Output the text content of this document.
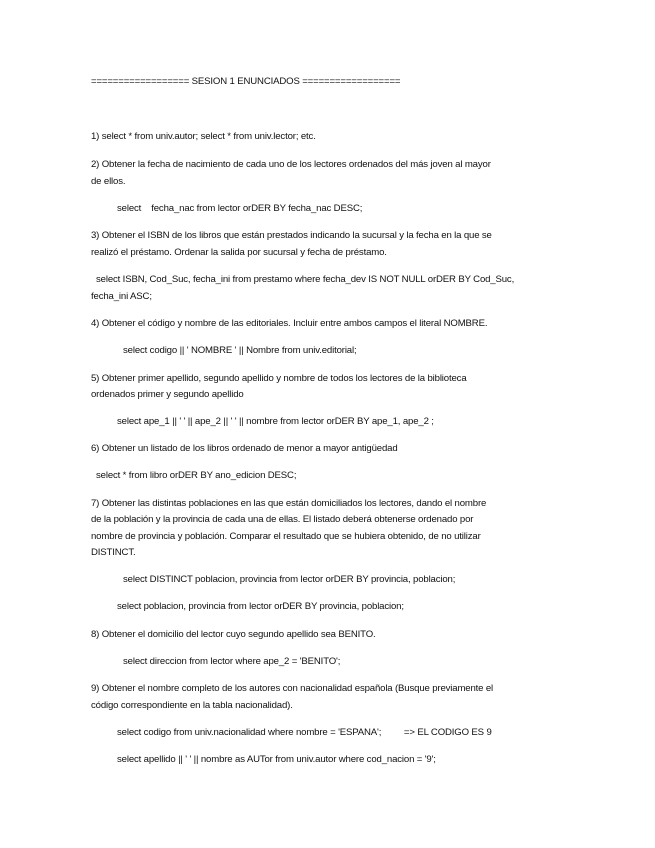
================== SESION 1 ENUNCIADOS ==================
1) select * from univ.autor; select * from univ.lector; etc.
2) Obtener la fecha de nacimiento de cada uno de los lectores ordenados del más joven al mayor
de ellos.
select    fecha_nac from lector orDER BY fecha_nac DESC;
3) Obtener el ISBN de los libros que están prestados indicando la sucursal y la fecha en la que se
realizó el préstamo. Ordenar la salida por sucursal y fecha de préstamo.
select ISBN, Cod_Suc, fecha_ini from prestamo where fecha_dev IS NOT NULL orDER BY Cod_Suc,
fecha_ini ASC;
4) Obtener el código y nombre de las editoriales. Incluir entre ambos campos el literal NOMBRE.
select codigo || ' NOMBRE ' || Nombre from univ.editorial;
5) Obtener primer apellido, segundo apellido y nombre de todos los lectores de la biblioteca
ordenados primer y segundo apellido
select ape_1 || ' ' || ape_2 || ' ' || nombre from lector orDER BY ape_1, ape_2 ;
6) Obtener un listado de los libros ordenado de menor a mayor antigüedad
select * from libro orDER BY ano_edicion DESC;
7) Obtener las distintas poblaciones en las que están domiciliados los lectores, dando el nombre
de la población y la provincia de cada una de ellas. El listado deberá obtenerse ordenado por
nombre de provincia y población. Comparar el resultado que se hubiera obtenido, de no utilizar
DISTINCT.
select DISTINCT poblacion, provincia from lector orDER BY provincia, poblacion;
select poblacion, provincia from lector orDER BY provincia, poblacion;
8) Obtener el domicilio del lector cuyo segundo apellido sea BENITO.
select direccion from lector where ape_2 = 'BENITO';
9) Obtener el nombre completo de los autores con nacionalidad española (Busque previamente el
código correspondiente en la tabla nacionalidad).
select codigo from univ.nacionalidad where nombre = 'ESPANA';         => EL CODIGO ES 9
select apellido || ' ' || nombre as AUTor from univ.autor where cod_nacion = '9';
